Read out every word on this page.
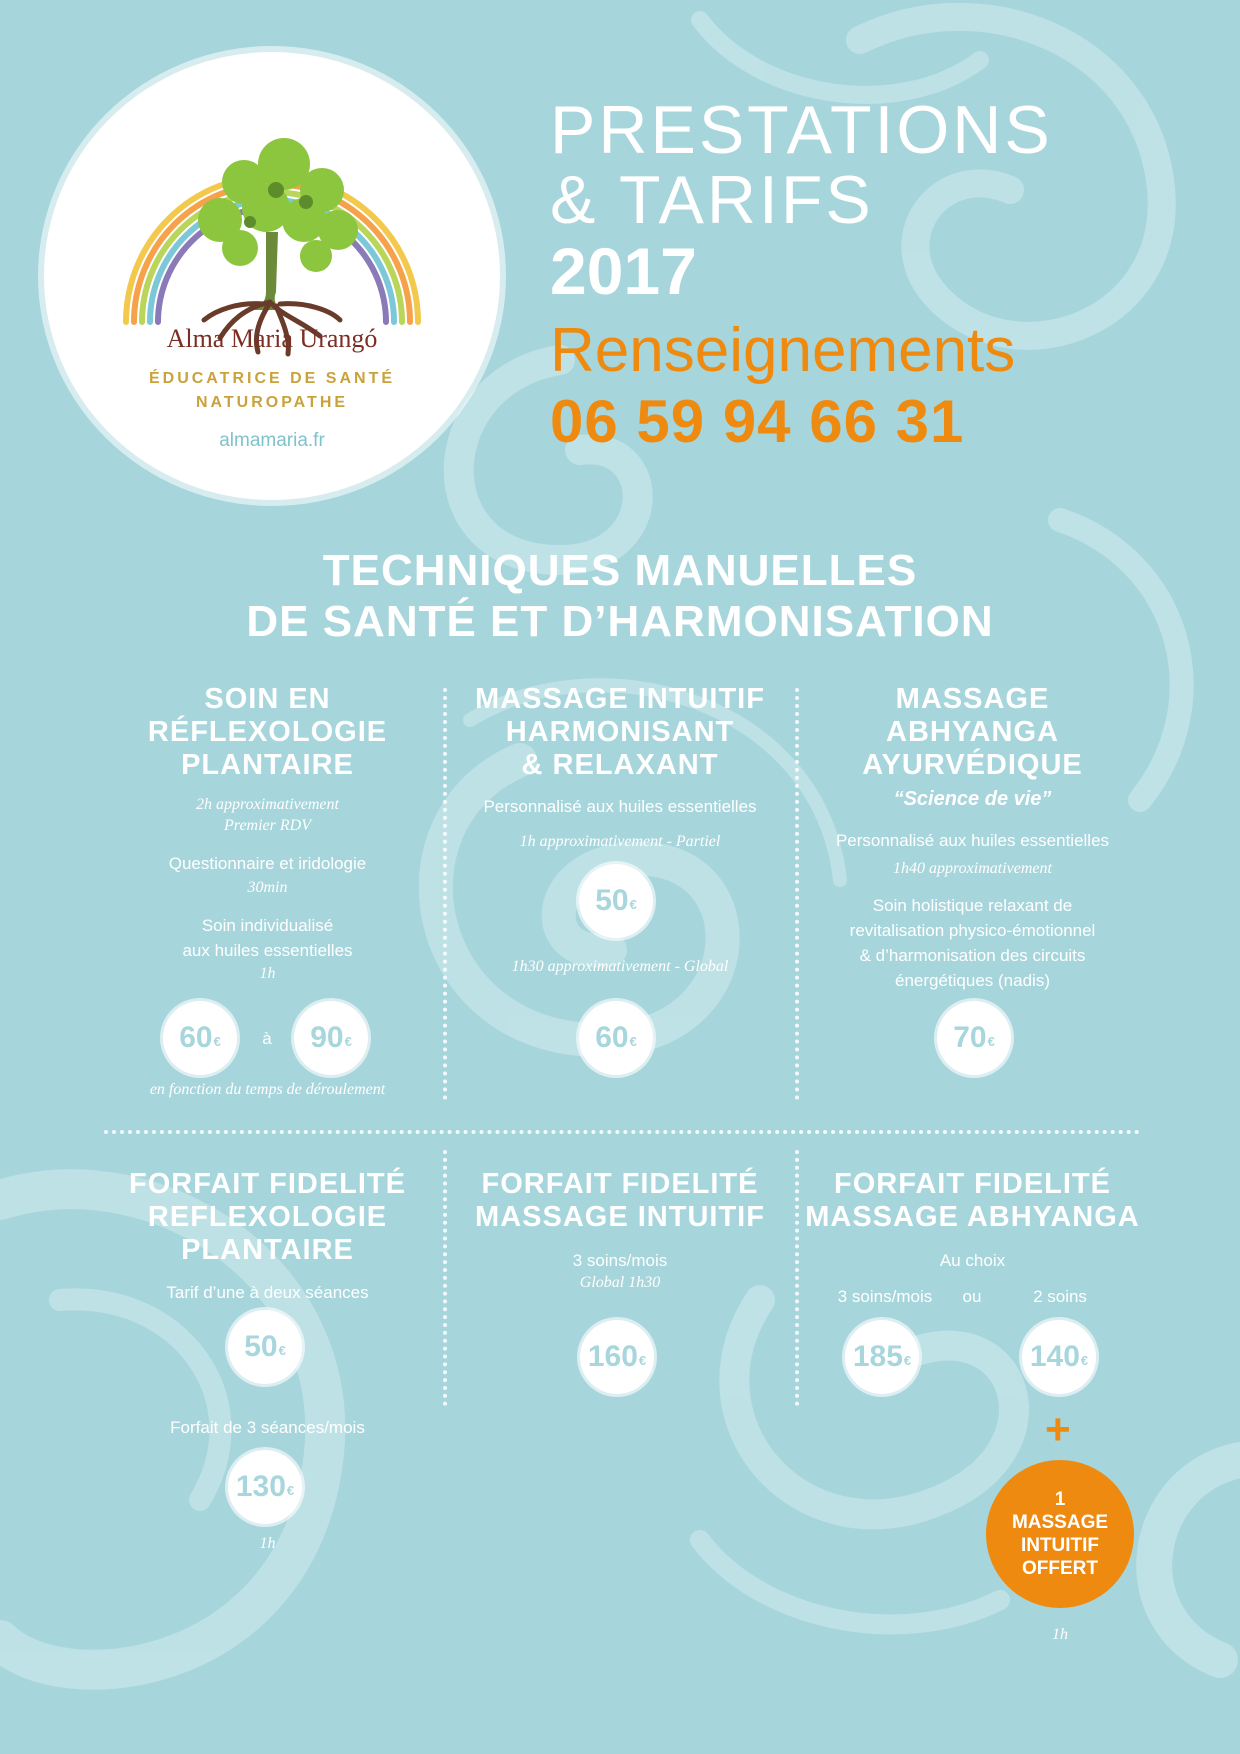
Alma Maria Urangó
ÉDUCATRICE DE SANTÉ
NATUROPATHE
almamaria.fr
PRESTATIONS
& TARIFS
2017
Renseignements
06 59 94 66 31
TECHNIQUES MANUELLES
DE SANTÉ ET D’HARMONISATION
SOIN EN
RÉFLEXOLOGIE
PLANTAIRE
2h approximativement
Premier RDV
Questionnaire et iridologie
30min
Soin individualisé
aux huiles essentielles
1h
60 €	à	90 €
en fonction du temps de déroulement
MASSAGE INTUITIF
HARMONISANT
& RELAXANT
Personnalisé aux huiles essentielles
1h approximativement - Partiel
50 €
1h30 approximativement - Global
60 €
MASSAGE
ABHYANGA
AYURVÉDIQUE
“Science de vie”
Personnalisé aux huiles essentielles
1h40 approximativement
Soin holistique relaxant de
revitalisation physico-émotionnel
& d’harmonisation des circuits
énergétiques (nadis)
70 €
FORFAIT FIDELITÉ
REFLEXOLOGIE
PLANTAIRE
Tarif d’une à deux séances
50 €
Forfait de 3 séances/mois
130 €
1h
FORFAIT FIDELITÉ
MASSAGE INTUITIF
3 soins/mois
Global 1h30
160 €
FORFAIT FIDELITÉ
MASSAGE ABHYANGA
Au choix
3 soins/mois	ou	2 soins
185 €	140 €
+
1
MASSAGE
INTUITIF
OFFERT
1h
